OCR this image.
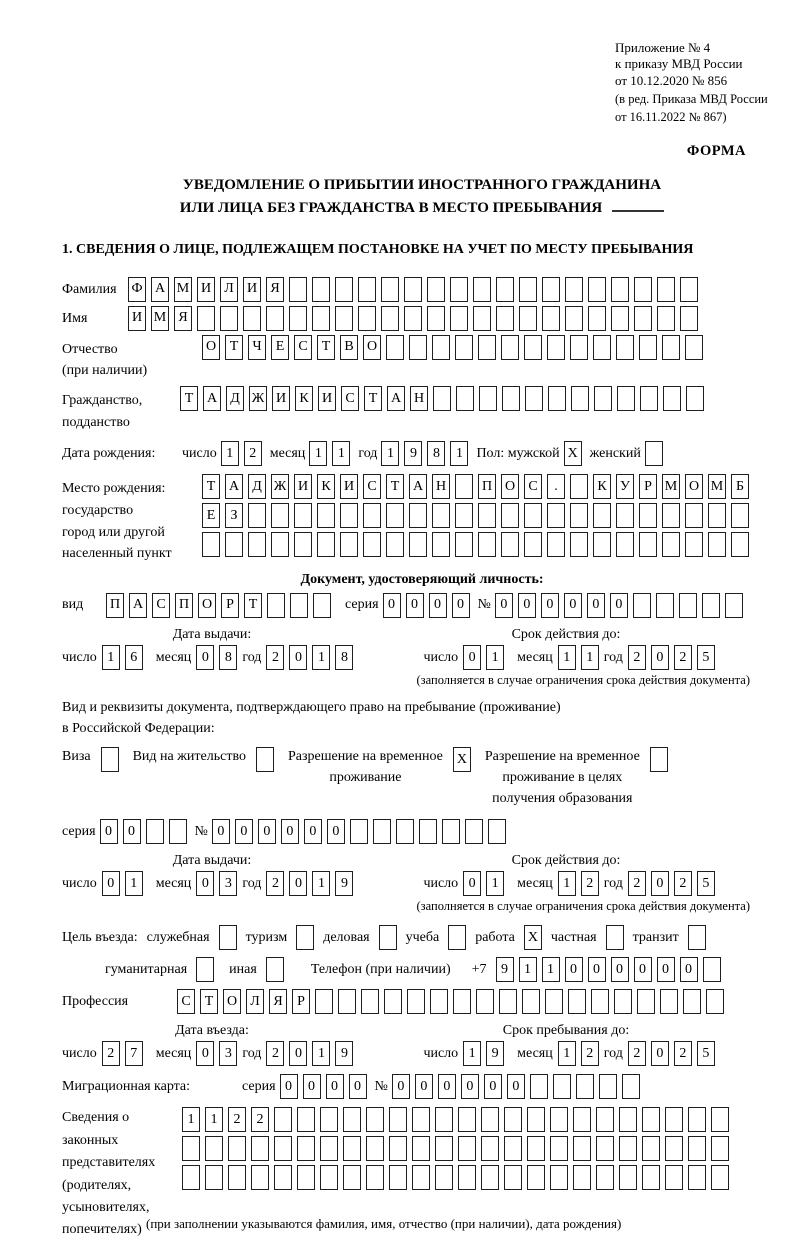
Приложение № 4
к приказу МВД России
от 10.12.2020 № 856
(в ред. Приказа МВД России
от 16.11.2022 № 867)
ФОРМА
УВЕДОМЛЕНИЕ О ПРИБЫТИИ ИНОСТРАННОГО ГРАЖДАНИНА
ИЛИ ЛИЦА БЕЗ ГРАЖДАНСТВА В МЕСТО ПРЕБЫВАНИЯ
1. СВЕДЕНИЯ О ЛИЦЕ, ПОДЛЕЖАЩЕМ ПОСТАНОВКЕ НА УЧЕТ ПО МЕСТУ ПРЕБЫВАНИЯ
Фамилия	Ф А М И Л И Я
Имя	И М Я
Отчество
(при наличии)
О Т	Ч	Е	С	Т	В О
Гражданство,
подданство
Т А Д Ж И К И С	Т А Н
Дата рождения:	число 1	2 месяц 1	1 год 1	9	8	1 Пол: мужской X женский
Место рождения:
государство
город или другой
населенный пункт
Т А Д Ж И К И С	Т А Н	П О С	.	К У	Р М О М Б
Е	З
Документ, удостоверяющий личность:
вид	П А С П О	Р	Т	серия 0	0	0	0 № 0	0	0	0	0	0
Дата выдачи:	Срок действия до:
число 1	6	месяц 0	8 год 2	0	1	8	число 0	1	месяц 1	1 год 2	0	2	5
(заполняется в случае ограничения срока действия документа)
Вид и реквизиты документа, подтверждающего право на пребывание (проживание)
в Российской Федерации:
Виза	Вид на жительство	Разрешение на временное
проживание
X Разрешение на временное
проживание в целях
получения образования
серия 0	0	№ 0	0	0	0	0	0
Дата выдачи:	Срок действия до:
число 0	1	месяц 0	3 год 2	0	1	9	число 0	1	месяц 1	2 год 2	0	2	5
(заполняется в случае ограничения срока действия документа)
Цель въезда: служебная	туризм	деловая	учеба	работа X частная	транзит
гуманитарная	иная	Телефон (при наличии)	+7	9	1	1	0	0	0	0	0	0
Профессия	С	Т О Л Я	Р
Дата въезда:	Срок пребывания до:
число 2	7	месяц 0	3 год 2	0	1	9	число 1	9	месяц 1	2 год 2	0	2	5
Миграционная карта:	серия 0	0	0	0 № 0	0	0	0	0	0
Сведения о
законных
представителях
(родителях,
усыновителях,
попечителях)
1	1	2	2
(при заполнении указываются фамилия, имя, отчество (при наличии), дата рождения)
